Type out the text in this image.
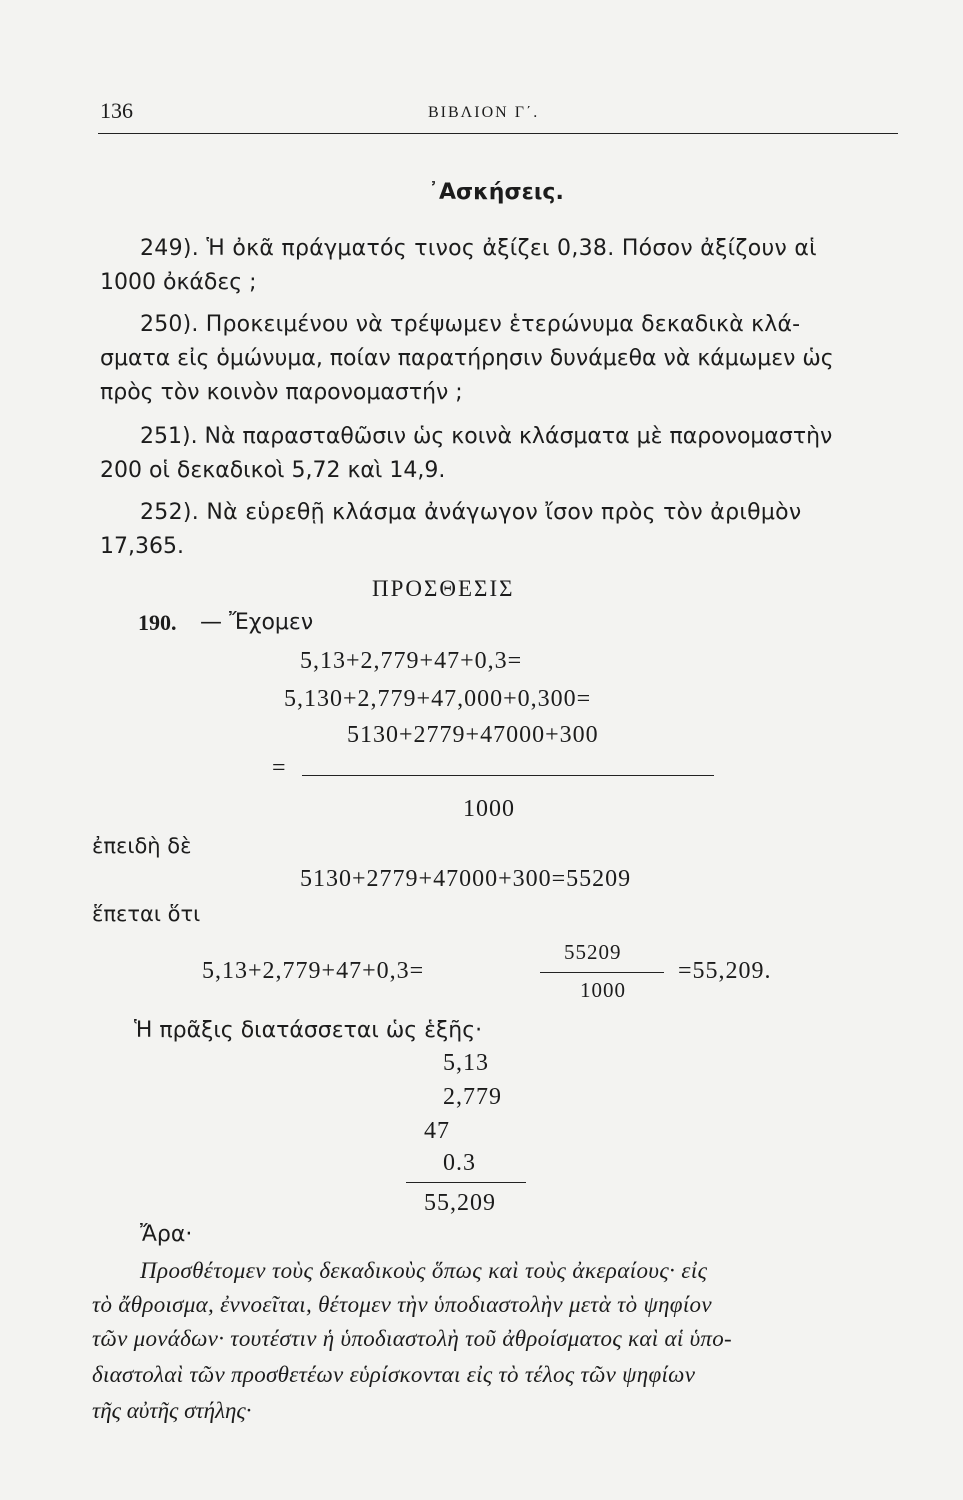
136	ΒΙΒΛΙΟΝ Γ΄.
᾿Ασκήσεις.
249). Ἡ ὀκᾶ πράγματός τινος ἀξίζει 0,38. Πόσον ἀξίζουν αἱ
1000 ὀκάδες ;
250). Προκειμένου νὰ τρέψωμεν ἑτερώνυμα δεκαδικὰ κλά-
σματα εἰς ὁμώνυμα, ποίαν παρατήρησιν δυνάμεθα νὰ κάμωμεν ὡς
πρὸς τὸν κοινὸν παρονομαστήν ;
251). Νὰ παρασταθῶσιν ὡς κοινὰ κλάσματα μὲ παρονομαστὴν
200 οἱ δεκαδικοὶ 5,72 καὶ 14,9.
252). Νὰ εὑρεθῇ κλάσμα ἀνάγωγον ἴσον πρὸς τὸν ἀριθμὸν
17,365.
ΠΡΟΣΘΕΣΙΣ
190. — Ἔχομεν
5,13+2,779+47+0,3=
5,130+2,779+47,000+0,300=
5130+2779+47000+300
=
1000
ἐπειδὴ δὲ
5130+2779+47000+300=55209
ἕπεται ὅτι
5,13+2,779+47+0,3=
55209
1000
=55,209.
Ἡ πρᾶξις διατάσσεται ὡς ἑξῆς·
5,13
2,779
47
0.3
55,209
Ἄρα·
Προσθέτομεν τοὺς δεκαδικοὺς ὅπως καὶ τοὺς ἀκεραίους· εἰς
τὸ ἄθροισμα, ἐννοεῖται, θέτομεν τὴν ὑποδιαστολὴν μετὰ τὸ ψηφίον
τῶν μονάδων· τουτέστιν ἡ ὑποδιαστολὴ τοῦ ἀθροίσματος καὶ αἱ ὑπο-
διαστολαὶ τῶν προσθετέων εὑρίσκονται εἰς τὸ τέλος τῶν ψηφίων
τῆς αὐτῆς στήλης·
